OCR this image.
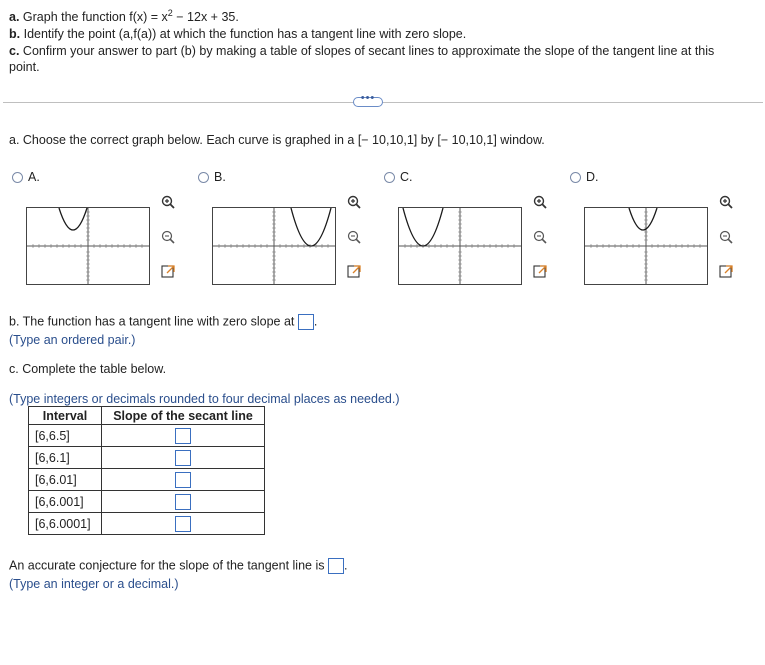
a. Graph the function $f(x) = x^2 - 12x + 35$.
b. Identify the point (a,f(a)) at which the function has a tangent line with zero slope.
c. Confirm your answer to part (b) by making a table of slopes of secant lines to approximate the slope of the tangent line at this
point.
•••
a. Choose the correct graph below. Each curve is graphed in a [− 10,10,1] by [− 10,10,1] window.
A.	B.	C.	D.
b. The function has a tangent line with zero slope at .
(Type an ordered pair.)
c. Complete the table below.
(Type integers or decimals rounded to four decimal places as needed.)
Interval	Slope of the secant line
[6,6.5]	
[6,6.1]	
[6,6.01]	
[6,6.001]	
[6,6.0001]	
An accurate conjecture for the slope of the tangent line is .
(Type an integer or a decimal.)
